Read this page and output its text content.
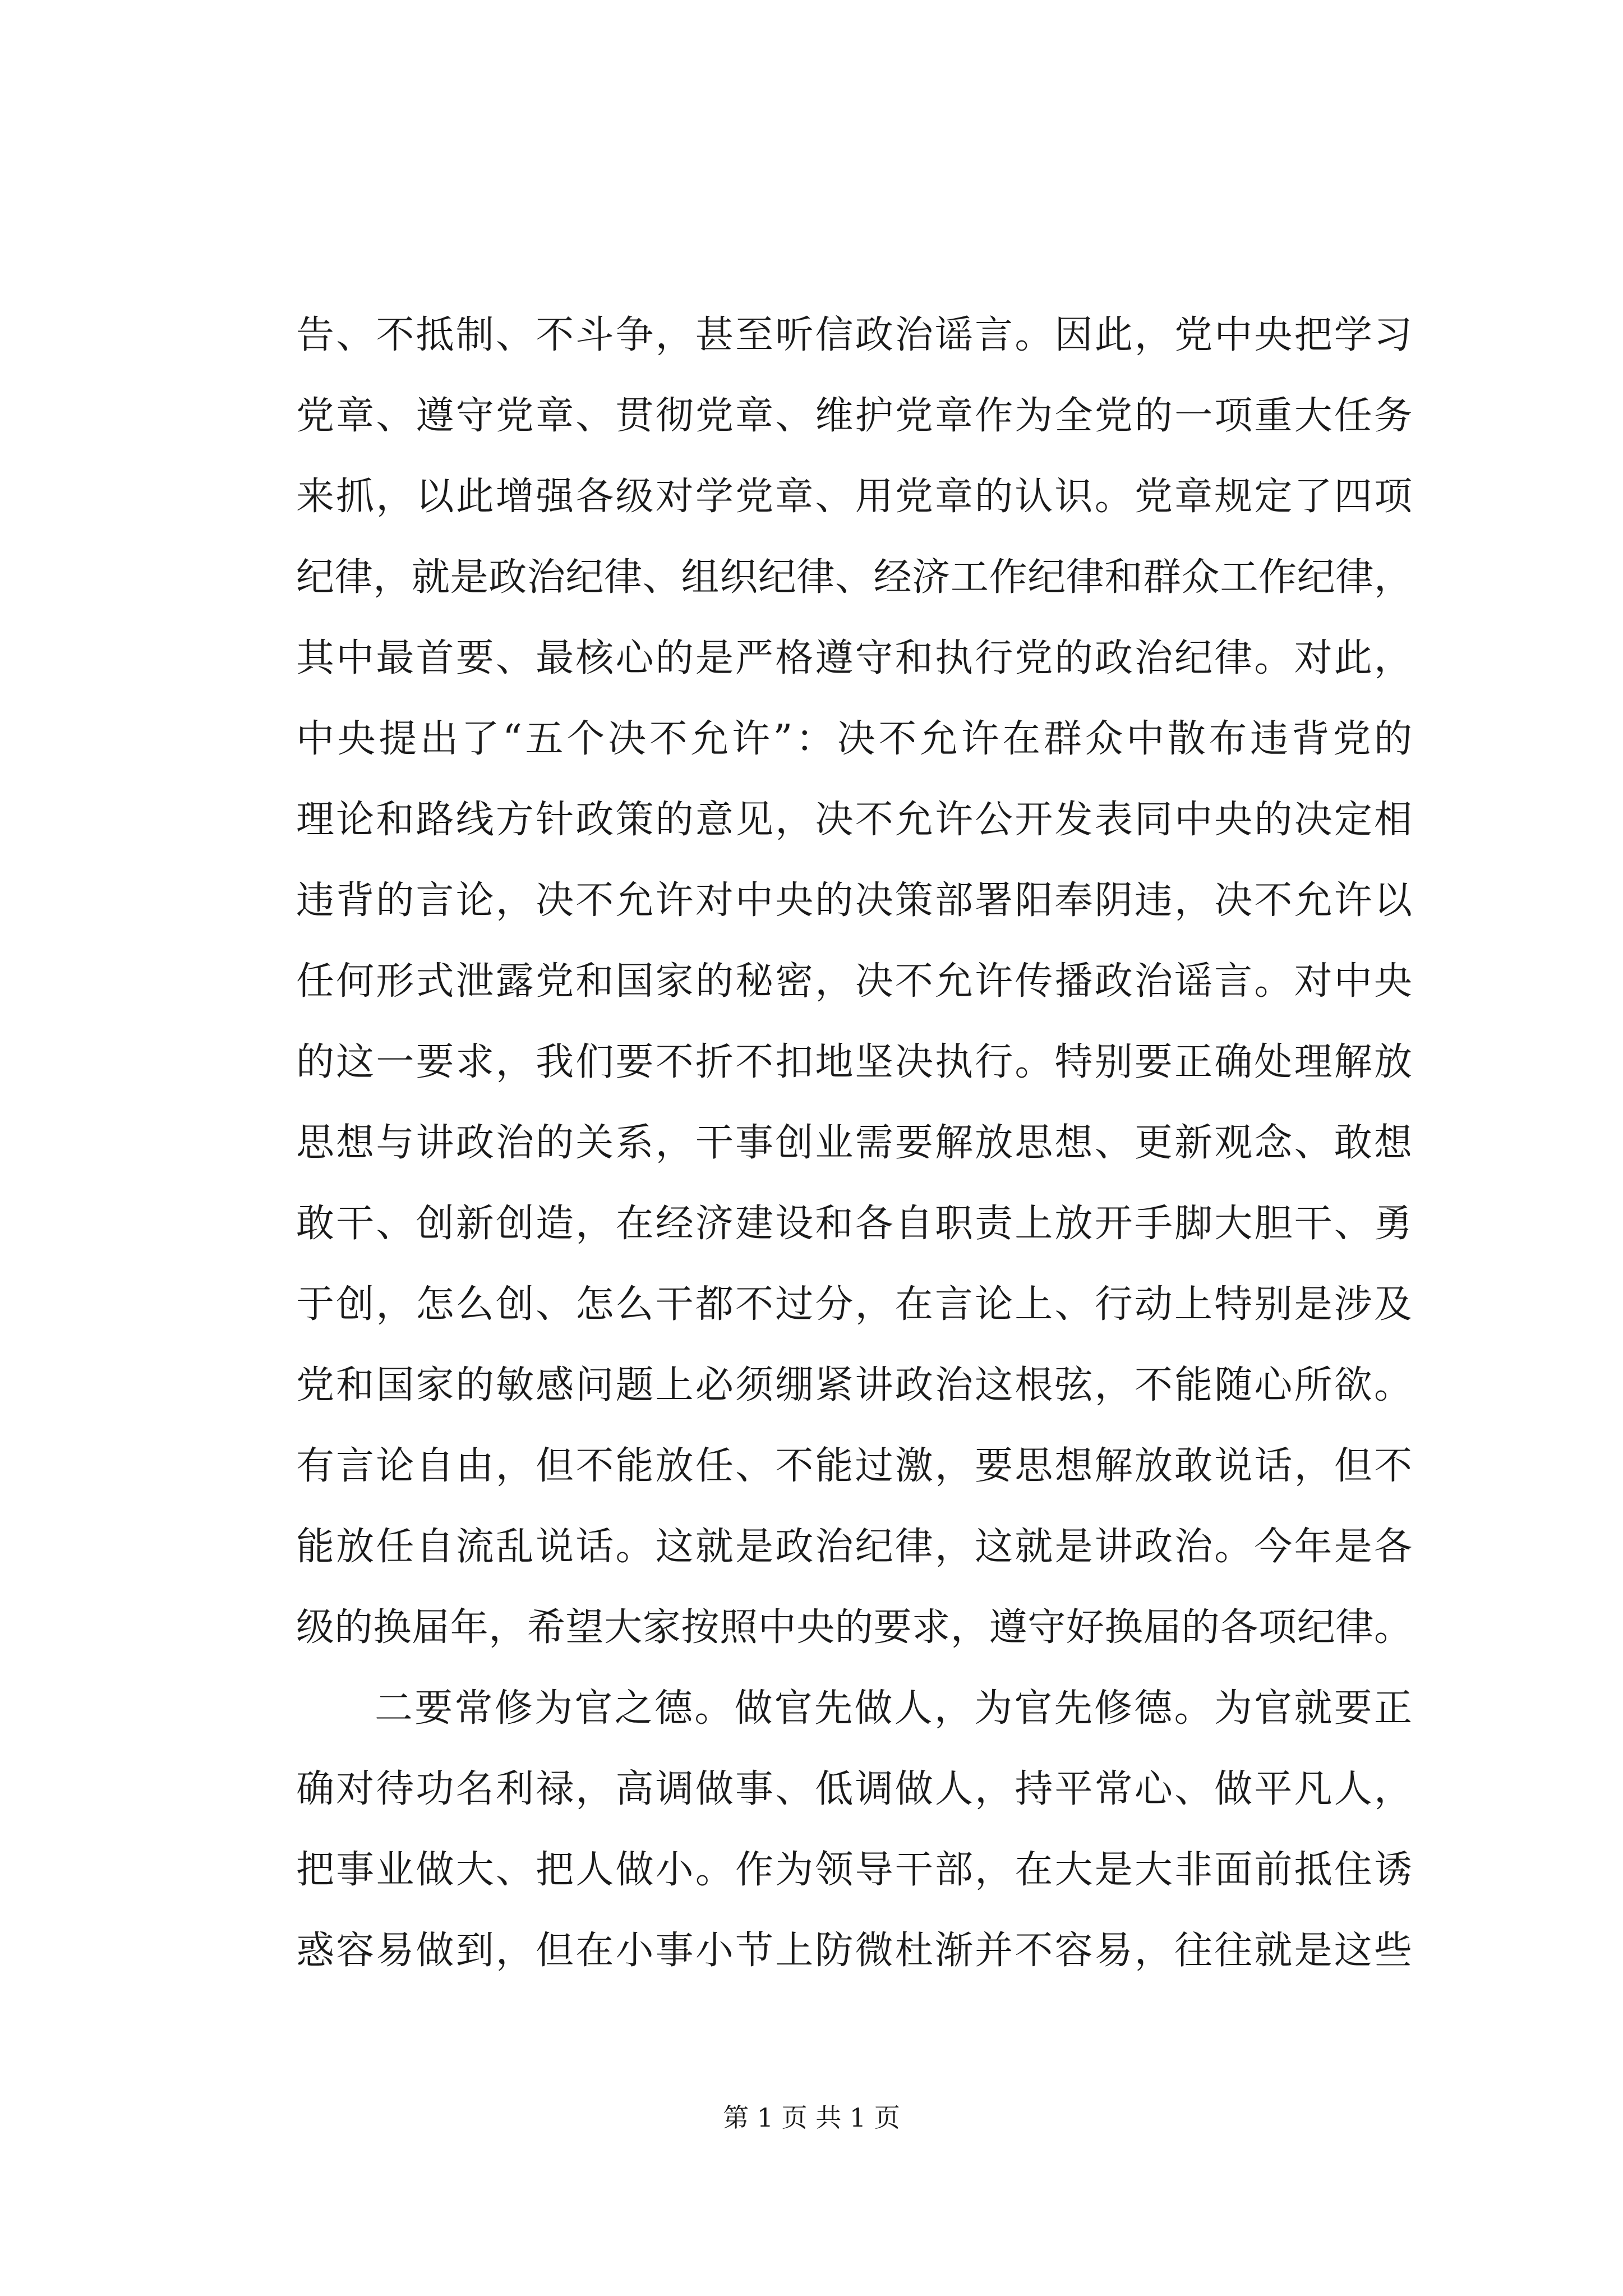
告、不抵制、不斗争，甚至听信政治谣言。因此，党中央把学习
党章、遵守党章、贯彻党章、维护党章作为全党的一项重大任务
来抓，以此增强各级对学党章、用党章的认识。党章规定了四项
纪律，就是政治纪律、组织纪律、经济工作纪律和群众工作纪律，
其中最首要、最核心的是严格遵守和执行党的政治纪律。对此，
中央提出了“五个决不允许”：决不允许在群众中散布违背党的
理论和路线方针政策的意见，决不允许公开发表同中央的决定相
违背的言论，决不允许对中央的决策部署阳奉阴违，决不允许以
任何形式泄露党和国家的秘密，决不允许传播政治谣言。对中央
的这一要求，我们要不折不扣地坚决执行。特别要正确处理解放
思想与讲政治的关系，干事创业需要解放思想、更新观念、敢想
敢干、创新创造，在经济建设和各自职责上放开手脚大胆干、勇
于创，怎么创、怎么干都不过分，在言论上、行动上特别是涉及
党和国家的敏感问题上必须绷紧讲政治这根弦，不能随心所欲。
有言论自由，但不能放任、不能过激，要思想解放敢说话，但不
能放任自流乱说话。这就是政治纪律，这就是讲政治。今年是各
级的换届年，希望大家按照中央的要求，遵守好换届的各项纪律。
二要常修为官之德。做官先做人，为官先修德。为官就要正
确对待功名利禄，高调做事、低调做人，持平常心、做平凡人，
把事业做大、把人做小。作为领导干部，在大是大非面前抵住诱
惑容易做到，但在小事小节上防微杜渐并不容易，往往就是这些
第 1 页 共 1 页
